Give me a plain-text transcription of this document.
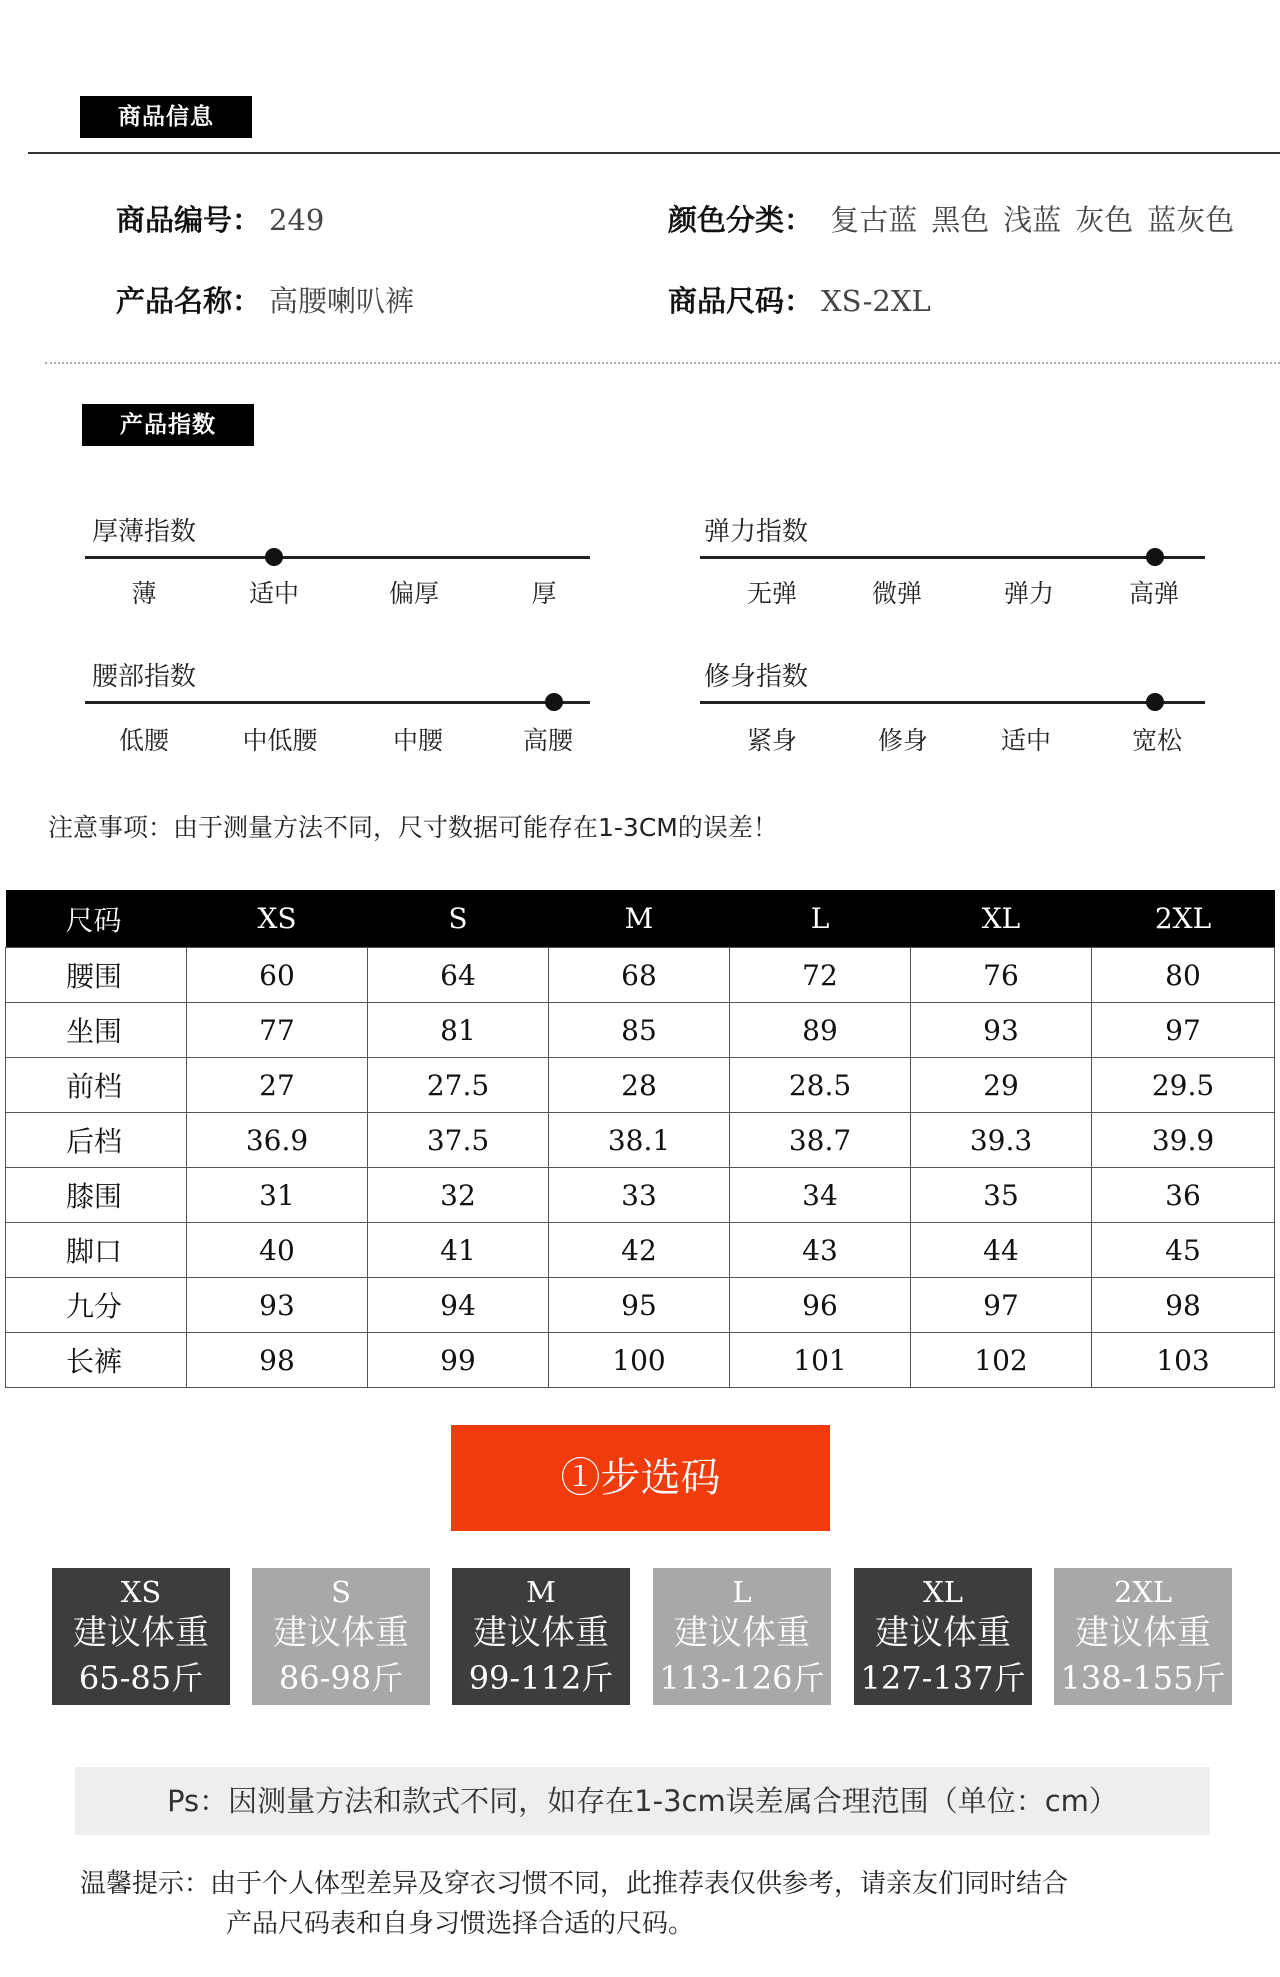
商品信息
商品编号： 249	颜色分类： 复古蓝 黑色 浅蓝 灰色 蓝灰色
产品名称： 高腰喇叭裤	商品尺码： XS-2XL
产品指数
厚薄指数
薄	适中	偏厚	厚
弹力指数
无弹	微弹	弹力	高弹
腰部指数
低腰	中低腰	中腰	高腰
修身指数
紧身	修身	适中	宽松
注意事项：由于测量方法不同，尺寸数据可能存在1-3CM的误差！
尺码	XS	S	M	L	XL	2XL
腰围	60	64	68	72	76	80
坐围	77	81	85	89	93	97
前档	27	27.5	28	28.5	29	29.5
后档	36.9	37.5	38.1	38.7	39.3	39.9
膝围	31	32	33	34	35	36
脚口	40	41	42	43	44	45
九分	93	94	95	96	97	98
长裤	98	99	100	101	102	103
①步选码
XS
建议体重
65-85斤
S
建议体重
86-98斤
M
建议体重
99-112斤
L
建议体重
113-126斤
XL
建议体重
127-137斤
2XL
建议体重
138-155斤
Ps：因测量方法和款式不同，如存在1-3cm误差属合理范围（单位：cm）
温馨提示：由于个人体型差异及穿衣习惯不同，此推荐表仅供参考，请亲友们同时结合
产品尺码表和自身习惯选择合适的尺码。
